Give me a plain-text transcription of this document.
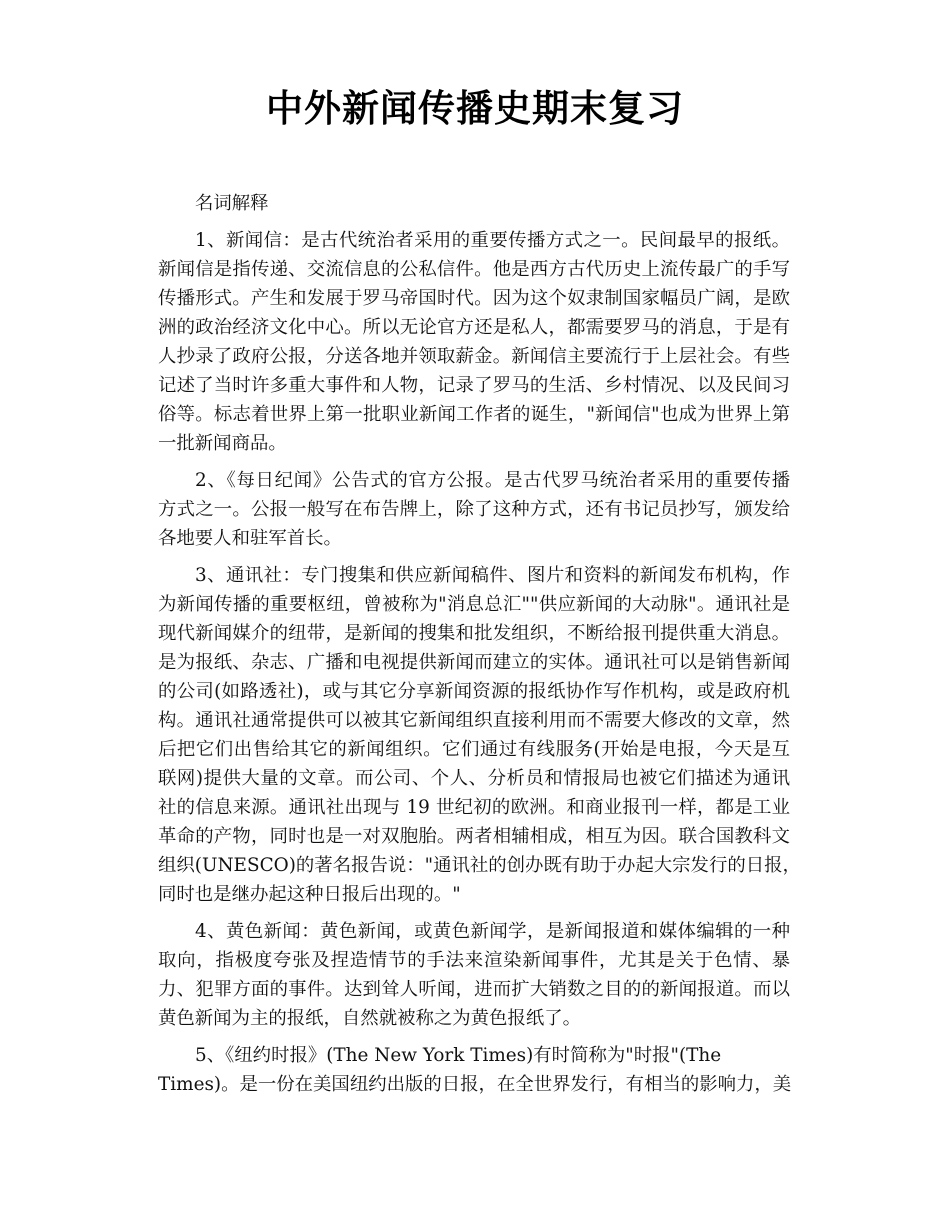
中外新闻传播史期末复习
名词解释
1、新闻信：是古代统治者采用的重要传播方式之一。民间最早的报纸。
新闻信是指传递、交流信息的公私信件。他是西方古代历史上流传最广的手写
传播形式。产生和发展于罗马帝国时代。因为这个奴隶制国家幅员广阔，是欧
洲的政治经济文化中心。所以无论官方还是私人，都需要罗马的消息，于是有
人抄录了政府公报，分送各地并领取薪金。新闻信主要流行于上层社会。有些
记述了当时许多重大事件和人物，记录了罗马的生活、乡村情况、以及民间习
俗等。标志着世界上第一批职业新闻工作者的诞生，"新闻信"也成为世界上第
一批新闻商品。
2、《每日纪闻》公告式的官方公报。是古代罗马统治者采用的重要传播
方式之一。公报一般写在布告牌上，除了这种方式，还有书记员抄写，颁发给
各地要人和驻军首长。
3、通讯社：专门搜集和供应新闻稿件、图片和资料的新闻发布机构，作
为新闻传播的重要枢纽，曾被称为"消息总汇""供应新闻的大动脉"。通讯社是
现代新闻媒介的纽带，是新闻的搜集和批发组织，不断给报刊提供重大消息。
是为报纸、杂志、广播和电视提供新闻而建立的实体。通讯社可以是销售新闻
的公司(如路透社)，或与其它分享新闻资源的报纸协作写作机构，或是政府机
构。通讯社通常提供可以被其它新闻组织直接利用而不需要大修改的文章，然
后把它们出售给其它的新闻组织。它们通过有线服务(开始是电报，今天是互
联网)提供大量的文章。而公司、个人、分析员和情报局也被它们描述为通讯
社的信息来源。通讯社出现与 19 世纪初的欧洲。和商业报刊一样，都是工业
革命的产物，同时也是一对双胞胎。两者相辅相成，相互为因。联合国教科文
组织(UNESCO)的著名报告说："通讯社的创办既有助于办起大宗发行的日报，
同时也是继办起这种日报后出现的。"
4、黄色新闻：黄色新闻，或黄色新闻学，是新闻报道和媒体编辑的一种
取向，指极度夸张及捏造情节的手法来渲染新闻事件，尤其是关于色情、暴
力、犯罪方面的事件。达到耸人听闻，进而扩大销数之目的的新闻报道。而以
黄色新闻为主的报纸，自然就被称之为黄色报纸了。
5、《纽约时报》(The New York Times)有时简称为"时报"(The
Times)。是一份在美国纽约出版的日报，在全世界发行，有相当的影响力，美
